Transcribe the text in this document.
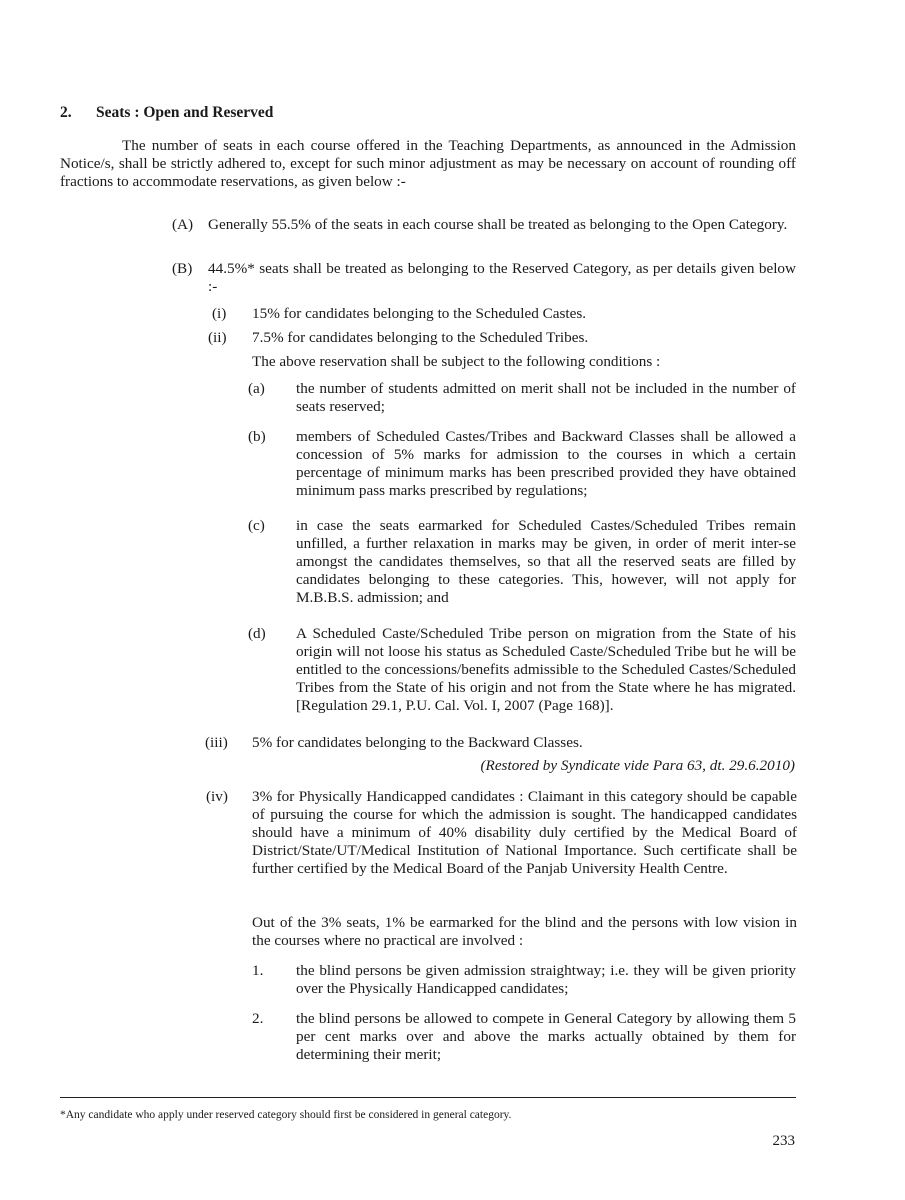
2. Seats : Open and Reserved

The number of seats in each course offered in the Teaching Departments, as announced in the Admission Notice/s, shall be strictly adhered to, except for such minor adjustment as may be necessary on account of rounding off fractions to accommodate reservations, as given below :-

(A) Generally 55.5% of the seats in each course shall be treated as belonging to the Open Category.
(B) 44.5%* seats shall be treated as belonging to the Reserved Category, as per details given below :-
(i) 15% for candidates belonging to the Scheduled Castes.
(ii) 7.5% for candidates belonging to the Scheduled Tribes.
The above reservation shall be subject to the following conditions :
(a) the number of students admitted on merit shall not be included in the number of seats reserved;
(b) members of Scheduled Castes/Tribes and Backward Classes shall be allowed a concession of 5% marks for admission to the courses in which a certain percentage of minimum marks has been prescribed provided they have obtained minimum pass marks prescribed by regulations;
(c) in case the seats earmarked for Scheduled Castes/Scheduled Tribes remain unfilled, a further relaxation in marks may be given, in order of merit inter-se amongst the candidates themselves, so that all the reserved seats are filled by candidates belonging to these categories. This, however, will not apply for M.B.B.S. admission; and
(d) A Scheduled Caste/Scheduled Tribe person on migration from the State of his origin will not loose his status as Scheduled Caste/Scheduled Tribe but he will be entitled to the concessions/benefits admissible to the Scheduled Castes/Scheduled Tribes from the State of his origin and not from the State where he has migrated. [Regulation 29.1, P.U. Cal. Vol. I, 2007 (Page 168)].
(iii) 5% for candidates belonging to the Backward Classes.
(Restored by Syndicate vide Para 63, dt. 29.6.2010)
(iv) 3% for Physically Handicapped candidates : Claimant in this category should be capable of pursuing the course for which the admission is sought. The handicapped candidates should have a minimum of 40% disability duly certified by the Medical Board of District/State/UT/Medical Institution of National Importance. Such certificate shall be further certified by the Medical Board of the Panjab University Health Centre.

Out of the 3% seats, 1% be earmarked for the blind and the persons with low vision in the courses where no practical are involved :
1. the blind persons be given admission straightway; i.e. they will be given priority over the Physically Handicapped candidates;
2. the blind persons be allowed to compete in General Category by allowing them 5 per cent marks over and above the marks actually obtained by them for determining their merit;
*Any candidate who apply under reserved category should first be considered in general category.
233
